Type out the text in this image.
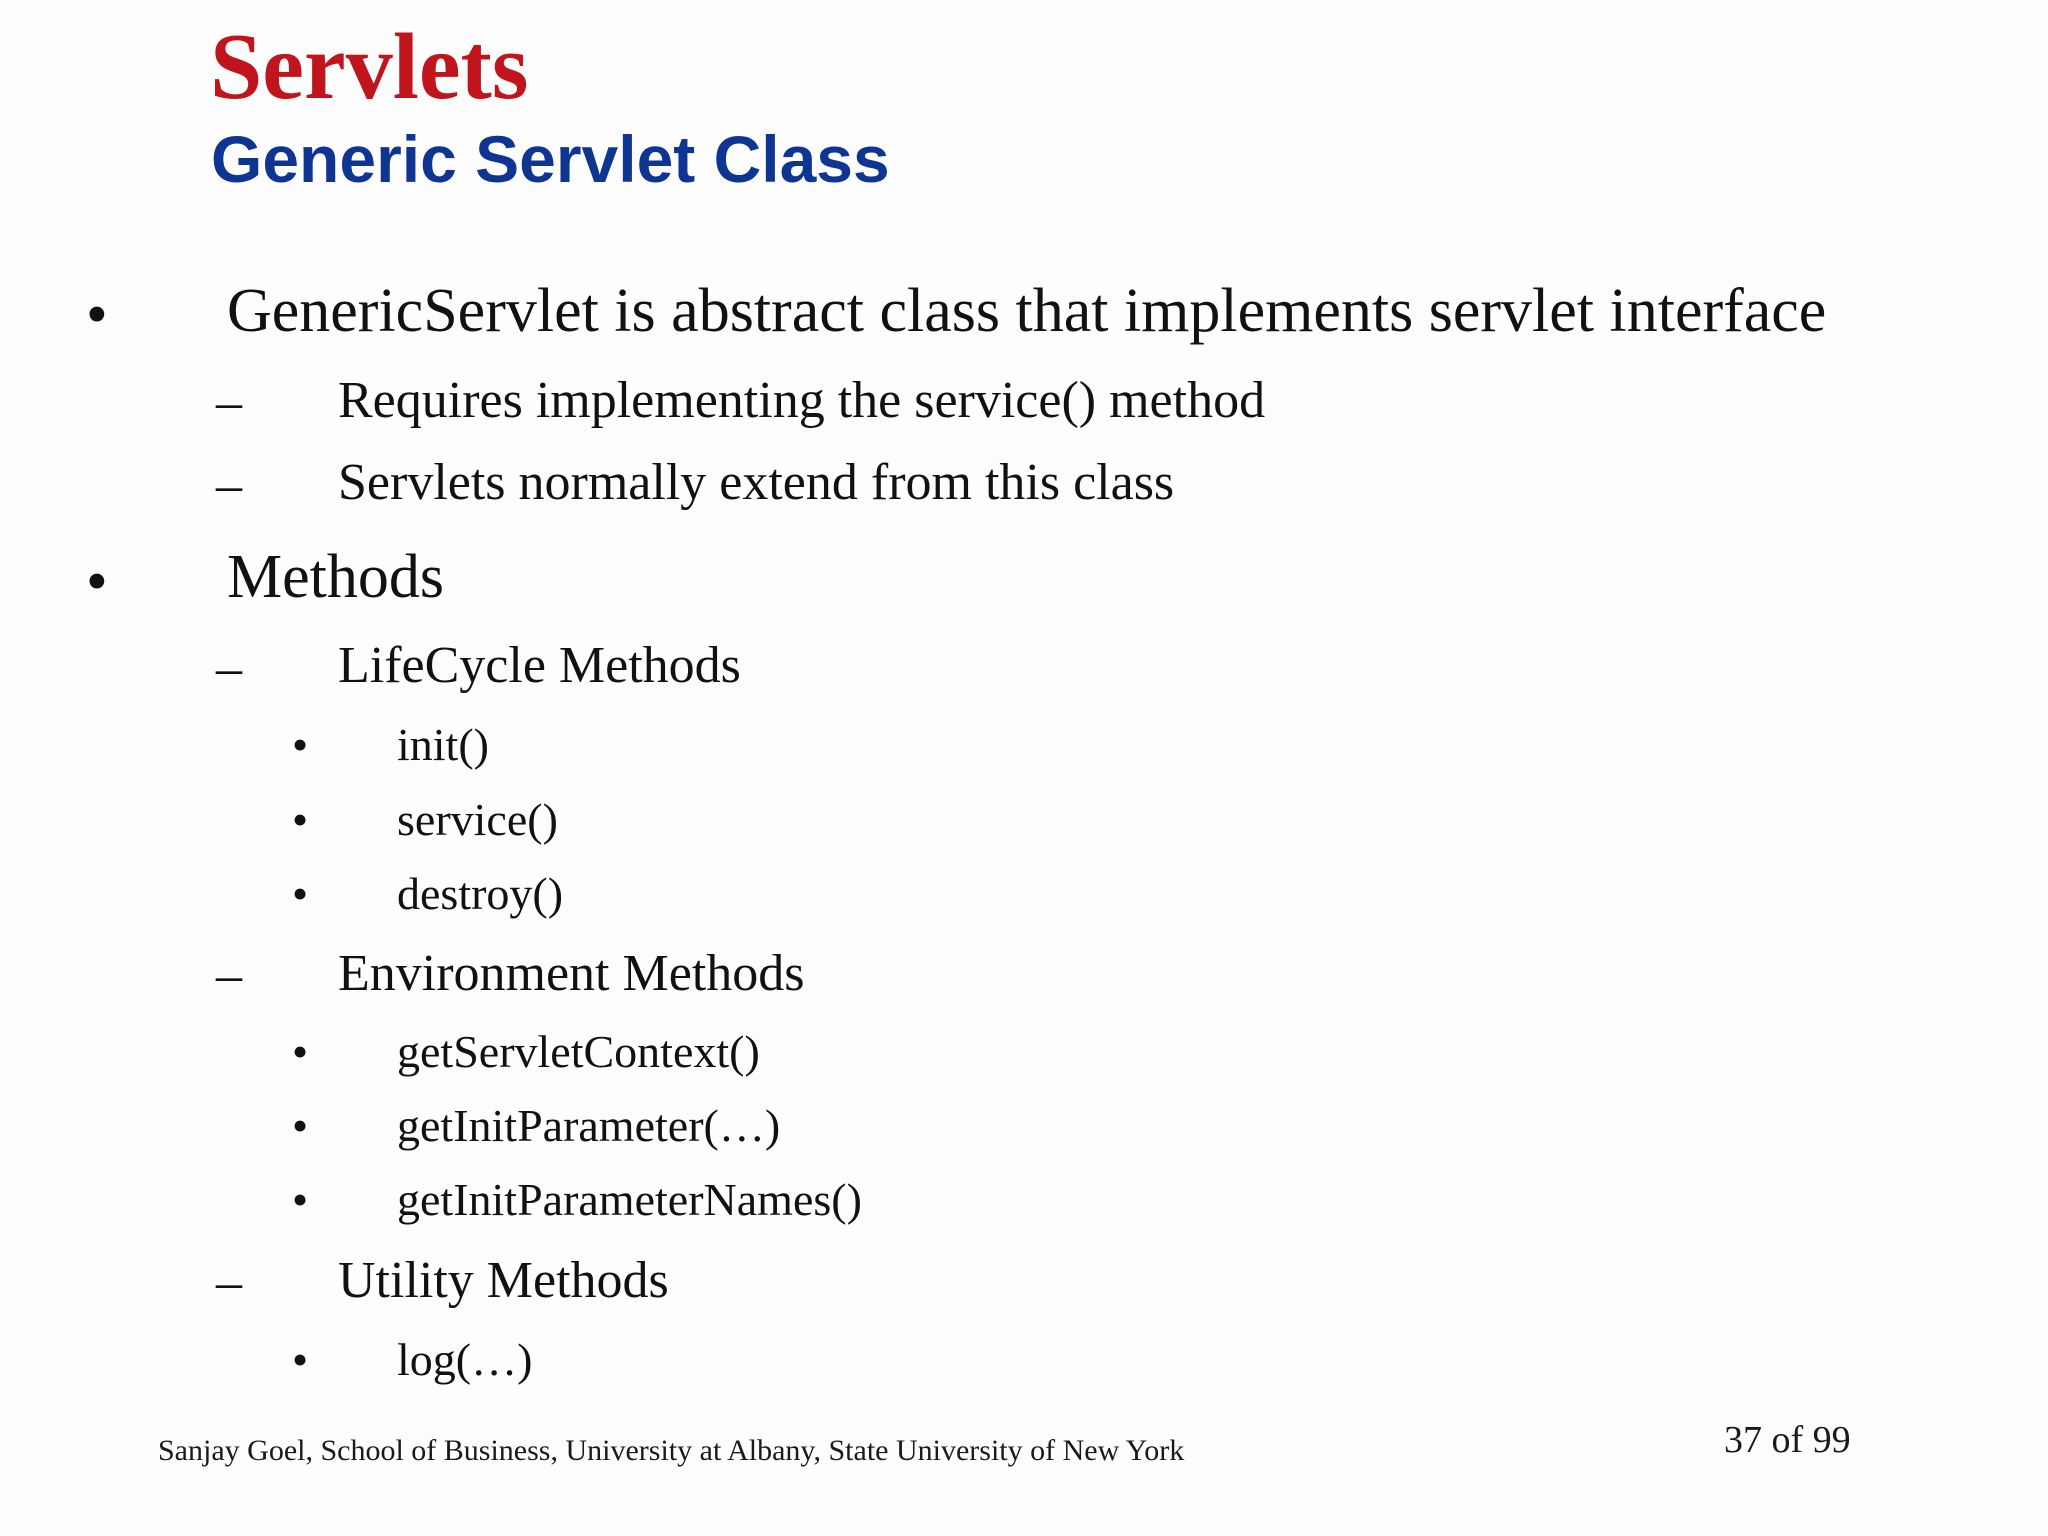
Servlets
Generic Servlet Class
• GenericServlet is abstract class that implements servlet interface
– Requires implementing the service() method
– Servlets normally extend from this class
• Methods
– LifeCycle Methods
• init()
• service()
• destroy()
– Environment Methods
• getServletContext()
• getInitParameter(…)
• getInitParameterNames()
– Utility Methods
• log(…)
Sanjay Goel, School of Business, University at Albany, State University of New York	37 of 99
